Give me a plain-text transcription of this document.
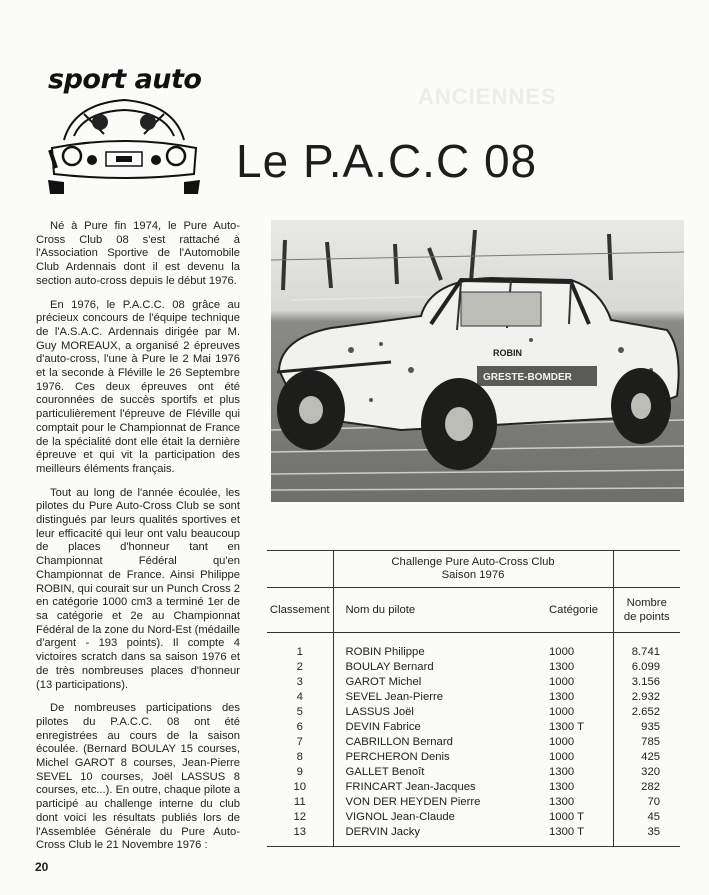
ANCIENNES
sport auto
Le P.A.C.C 08

Né à Pure fin 1974, le Pure Auto-Cross Club 08 s'est rattaché à l'Association Sportive de l'Automobile Club Ardennais dont il est devenu la section auto-cross depuis le début 1976.

En 1976, le P.A.C.C. 08 grâce au précieux concours de l'équipe technique de l'A.S.A.C. Ardennais dirigée par M. Guy MOREAUX, a organisé 2 épreuves d'auto-cross, l'une à Pure le 2 Mai 1976 et la seconde à Fléville le 26 Septembre 1976. Ces deux épreuves ont été couronnées de succès sportifs et plus particulièrement l'épreuve de Fléville qui comptait pour le Championnat de France de la spécialité dont elle était la dernière épreuve et qui vit la participation des meilleurs éléments français.

Tout au long de l'année écoulée, les pilotes du Pure Auto-Cross Club se sont distingués par leurs qualités sportives et leur efficacité qui leur ont valu beaucoup de places d'honneur tant en Championnat Fédéral qu'en Championnat de France. Ainsi Philippe ROBIN, qui courait sur un Punch Cross 2 en catégorie 1000 cm3 a terminé 1er de sa catégorie et 2e au Championnat Fédéral de la zone du Nord-Est (médaille d'argent - 193 points). Il compte 4 victoires scratch dans sa saison 1976 et de très nombreuses places d'honneur (13 participations).

De nombreuses participations des pilotes du P.A.C.C. 08 ont été enregistrées au cours de la saison écoulée. (Bernard BOULAY 15 courses, Michel GAROT 8 courses, Jean-Pierre SEVEL 10 courses, Joël LASSUS 8 courses, etc...). En outre, chaque pilote a participé au challenge interne du club dont voici les résultats publiés lors de l'Assemblée Générale du Pure Auto-Cross Club le 21 Novembre 1976 :

GRESTE-BOMDER
ROBIN

	Challenge Pure Auto-Cross Club
Saison 1976		

Classement	Nom du pilote	Catégorie	Nombre
de points

1	ROBIN Philippe	1000	8.741
2	BOULAY Bernard	1300	6.099
3	GAROT Michel	1000	3.156
4	SEVEL Jean-Pierre	1300	2.932
5	LASSUS Joël	1000	2.652
6	DEVIN Fabrice	1300 T	935
7	CABRILLON Bernard	1000	785
8	PERCHERON Denis	1000	425
9	GALLET Benoît	1300	320
10	FRINCART Jean-Jacques	1300	282
11	VON DER HEYDEN Pierre	1300	70
12	VIGNOL Jean-Claude	1000 T	45
13	DERVIN Jacky	1300 T	35

20
